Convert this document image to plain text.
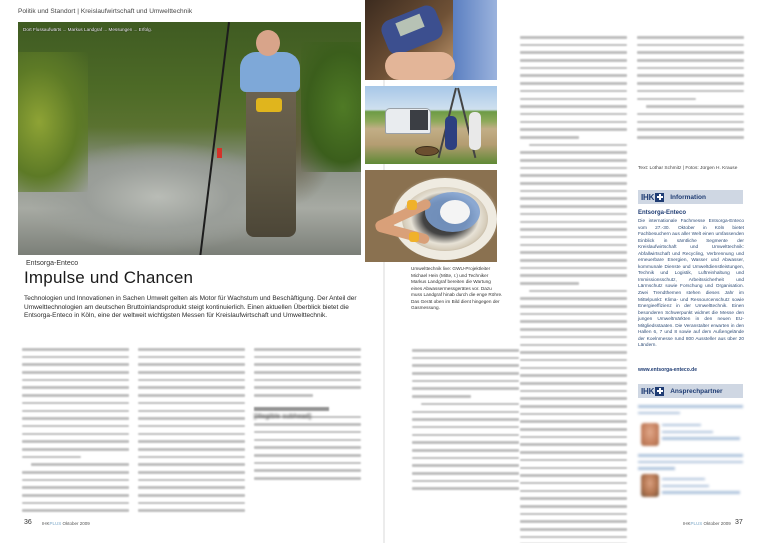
Politik und Standort | Kreislaufwirtschaft und Umwelttechnik
Dort Flussaufwärts ... Markus Landgraf ... Messungen ... Erfolg.
Entsorga-Enteco
Impulse und Chancen

Technologien und Innovationen in Sachen Umwelt gelten als Motor für Wachstum und Beschäftigung. Der Anteil der Umwelttechnologien am deutschen Bruttoinlandsprodukt steigt kontinuierlich. Einen aktuellen Überblick bietet die Entsorga-Enteco in Köln, eine der weltweit wichtigsten Messen für Kreislaufwirtschaft und Umwelttechnik.

[illegible subhead]
36 IHKPLUS Oktober 2009

Umwelttechnik live: GWU-Projektleiter Michael Hein (Mitte, r.) und Techniker Markus Landgraf bereiten die Wartung eines Abwassermessgerätes vor. Dazu muss Landgraf hinab durch die enge Röhre. Das Gerät oben im Bild dient hingegen der Gasmessung.

Text: Lothar Schmitz | Fotos: Jürgen H. Krause
IHK Information
Entsorga-Enteco

Die internationale Fachmesse Entsorga-Enteco vom 27.-30. Oktober in Köln bietet Fachbesuchern aus aller Welt einen umfassenden Einblick in sämtliche Segmente der Kreislaufwirtschaft und Umwelttechnik: Abfallwirtschaft und Recycling, Verbrennung und erneuerbare Energien, Wasser und Abwasser, kommunale Dienste und Umweltdienstleistungen, Technik und Logistik, Luftreinhaltung und Immissionsschutz, Arbeitssicherheit und Lärmschutz sowie Forschung und Organisation. Zwei Trendthemen stehen dieses Jahr im Mittelpunkt: Klima- und Ressourcenschutz sowie Energieeffizienz in der Umwelttechnik. Einen besonderen Schwerpunkt widmet die Messe den jungen Umweltmärkten in den neuen EU-Mitgliedsstaaten. Die Veranstalter erwarten in den Hallen 6, 7 und 8 sowie auf dem Außengelände der Koelnmesse rund 800 Aussteller aus über 20 Ländern.

www.entsorga-enteco.de
IHK Ansprechpartner
IHKPLUS Oktober 2009 37
